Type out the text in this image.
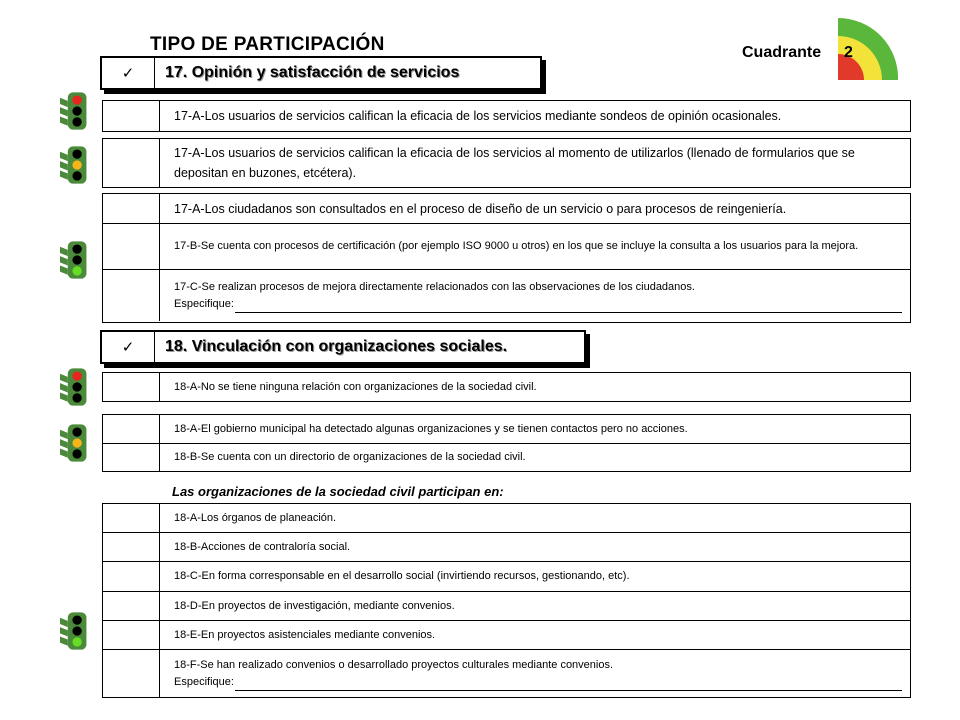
TIPO DE PARTICIPACIÓN	Cuadrante 2
✓	17. Opinión y satisfacción de servicios
17-A-Los usuarios de servicios califican la eficacia de los servicios mediante sondeos de opinión ocasionales.
17-A-Los usuarios de servicios califican la eficacia de los servicios al momento de utilizarlos (llenado de formularios que se depositan en buzones, etcétera).
17-A-Los ciudadanos son consultados en el proceso de diseño de un servicio o para procesos de reingeniería.
17-B-Se cuenta con procesos de certificación (por ejemplo ISO 9000 u otros) en los que se incluye la consulta a los usuarios para la mejora.
17-C-Se realizan procesos de mejora directamente relacionados con las observaciones de los ciudadanos.
Especifique:
✓	18. Vinculación con organizaciones sociales.
18-A-No se tiene ninguna relación con organizaciones de la sociedad civil.
18-A-El gobierno municipal ha detectado algunas organizaciones y se tienen contactos pero no acciones.
18-B-Se cuenta con un directorio de organizaciones de la sociedad civil.
Las organizaciones de la sociedad civil participan en:
18-A-Los órganos de planeación.
18-B-Acciones de contraloría social.
18-C-En forma corresponsable en el desarrollo social (invirtiendo recursos, gestionando, etc).
18-D-En proyectos de investigación, mediante convenios.
18-E-En proyectos asistenciales mediante convenios.
18-F-Se han realizado convenios o desarrollado proyectos culturales mediante convenios.
Especifique:
